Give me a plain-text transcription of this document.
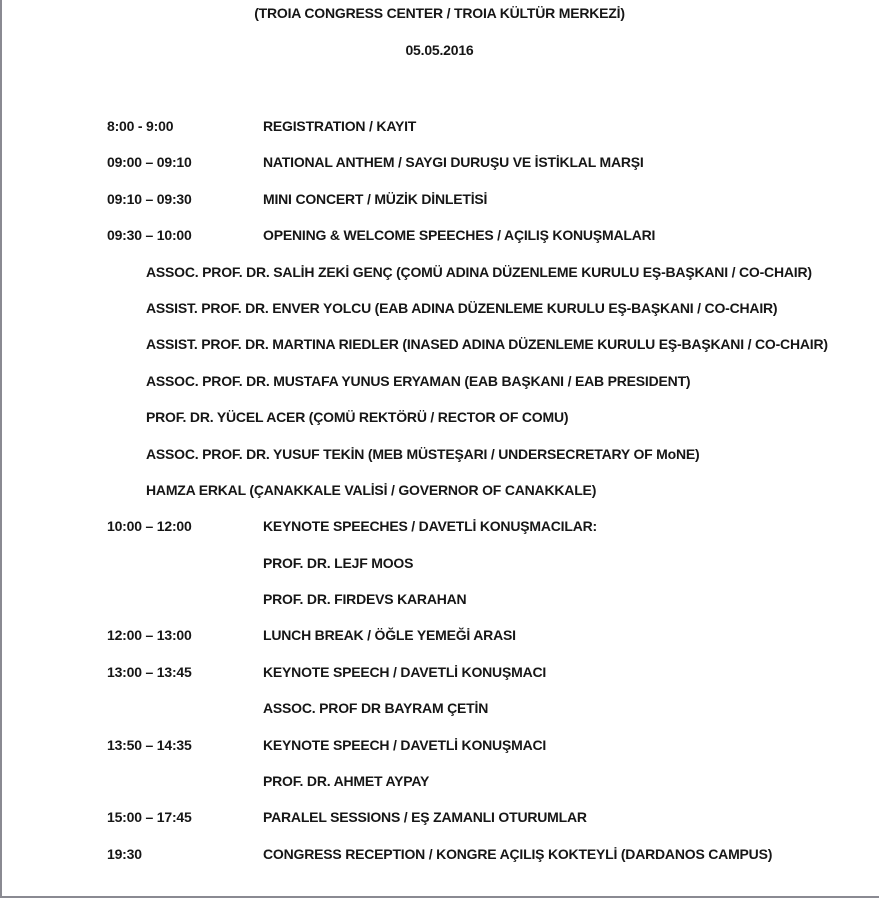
(TROIA CONGRESS CENTER / TROIA KÜLTÜR MERKEZİ)
05.05.2016
8:00 - 9:00	REGISTRATION / KAYIT
09:00 – 09:10	NATIONAL ANTHEM / SAYGI DURUŞU VE İSTİKLAL MARŞI
09:10 – 09:30	MINI CONCERT / MÜZİK DİNLETİSİ
09:30 – 10:00	OPENING & WELCOME SPEECHES / AÇILIŞ KONUŞMALARI
ASSOC. PROF. DR. SALİH ZEKİ GENÇ (ÇOMÜ ADINA DÜZENLEME KURULU EŞ-BAŞKANI / CO-CHAIR)
ASSIST. PROF. DR. ENVER YOLCU (EAB ADINA DÜZENLEME KURULU EŞ-BAŞKANI / CO-CHAIR)
ASSIST. PROF. DR. MARTINA RIEDLER (INASED ADINA DÜZENLEME KURULU EŞ-BAŞKANI / CO-CHAIR)
ASSOC. PROF. DR. MUSTAFA YUNUS ERYAMAN (EAB BAŞKANI / EAB PRESIDENT)
PROF. DR. YÜCEL ACER (ÇOMÜ REKTÖRÜ / RECTOR OF COMU)
ASSOC. PROF. DR. YUSUF TEKİN (MEB MÜSTEŞARI / UNDERSECRETARY OF MoNE)
HAMZA ERKAL (ÇANAKKALE VALİSİ / GOVERNOR OF CANAKKALE)
10:00 – 12:00	KEYNOTE SPEECHES / DAVETLİ KONUŞMACILAR:
PROF. DR. LEJF MOOS
PROF. DR. FIRDEVS KARAHAN
12:00 – 13:00	LUNCH BREAK / ÖĞLE YEMEĞİ ARASI
13:00 – 13:45	KEYNOTE SPEECH / DAVETLİ KONUŞMACI
ASSOC. PROF DR BAYRAM ÇETİN
13:50 – 14:35	KEYNOTE SPEECH / DAVETLİ KONUŞMACI
PROF. DR. AHMET AYPAY
15:00 – 17:45	PARALEL SESSIONS / EŞ ZAMANLI OTURUMLAR
19:30	CONGRESS RECEPTION / KONGRE AÇILIŞ KOKTEYLİ (DARDANOS CAMPUS)
